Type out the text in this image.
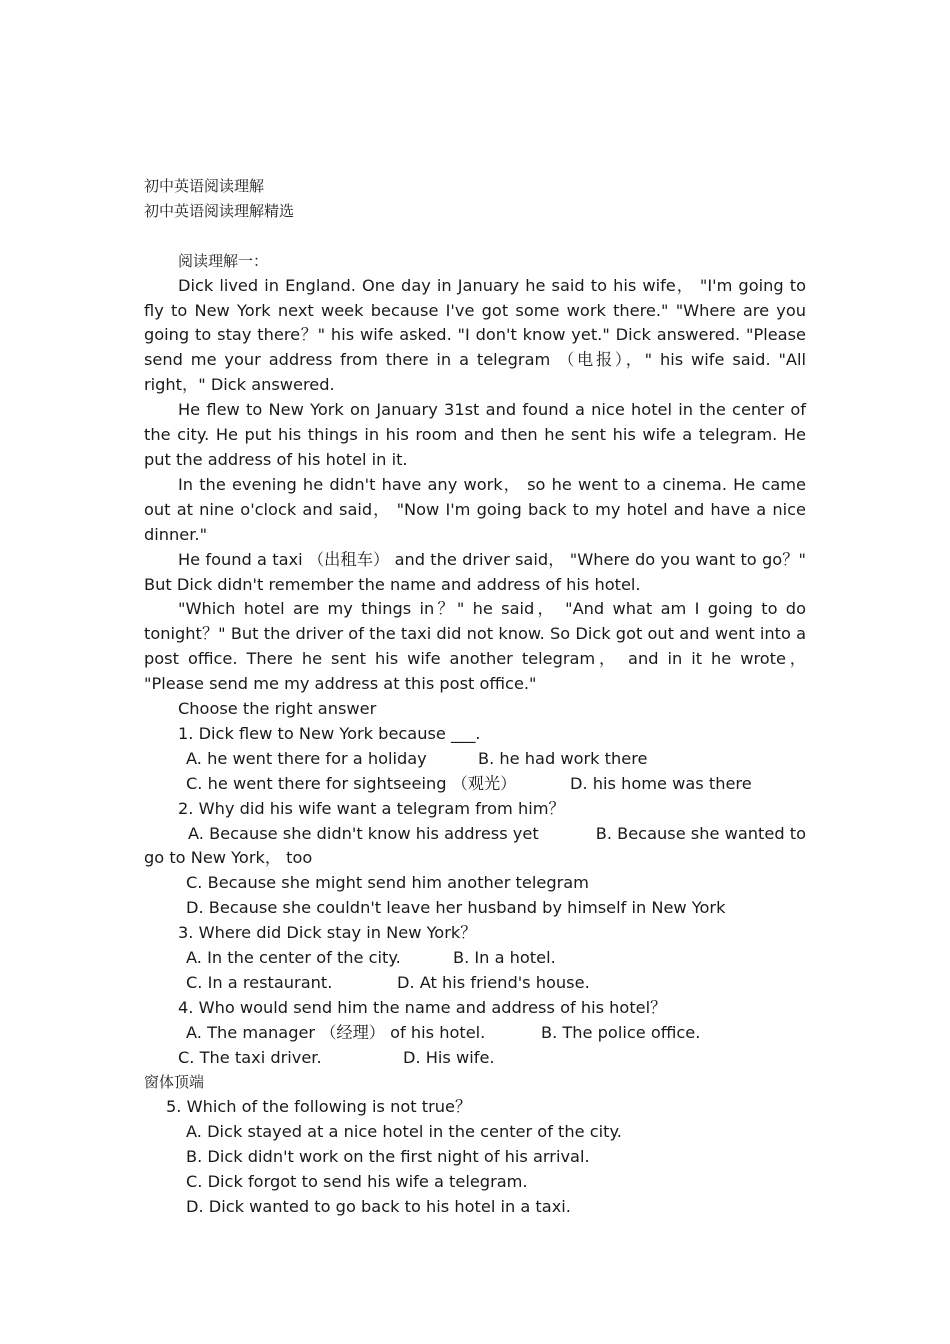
初中英语阅读理解
初中英语阅读理解精选
阅读理解一：

Dick lived in England. One day in January he said to his wife， "I'm going to fly to New York next week because I've got some work there." "Where are you going to stay there？" his wife asked. "I don't know yet." Dick answered. "Please send me your address from there in a telegram （电报），" his wife said. "All right，" Dick answered.

He flew to New York on January 31st and found a nice hotel in the center of the city. He put his things in his room and then he sent his wife a telegram. He put the address of his hotel in it.

In the evening he didn't have any work， so he went to a cinema. He came out at nine o'clock and said， "Now I'm going back to my hotel and have a nice dinner."

He found a taxi （出租车） and the driver said， "Where do you want to go？" But Dick didn't remember the name and address of his hotel.

"Which hotel are my things in？" he said， "And what am I going to do tonight？" But the driver of the taxi did not know. So Dick got out and went into a post office. There he sent his wife another telegram， and in it he wrote， "Please send me my address at this post office."

Choose the right answer
1. Dick flew to New York because ___.
A. he went there for a holiday	B. he had work there
C. he went there for sightseeing （观光）	D. his home was there
2. Why did his wife want a telegram from him？
A. Because she didn't know his address yet	B. Because she wanted to
go to New York， too
C. Because she might send him another telegram
D. Because she couldn't leave her husband by himself in New York
3. Where did Dick stay in New York？
A. In the center of the city.	B. In a hotel.
C. In a restaurant.	D. At his friend's house.
4. Who would send him the name and address of his hotel？
A. The manager （经理） of his hotel.	B. The police office.
C. The taxi driver.	D. His wife.
窗体顶端
5. Which of the following is not true？
A. Dick stayed at a nice hotel in the center of the city.
B. Dick didn't work on the first night of his arrival.
C. Dick forgot to send his wife a telegram.
D. Dick wanted to go back to his hotel in a taxi.
